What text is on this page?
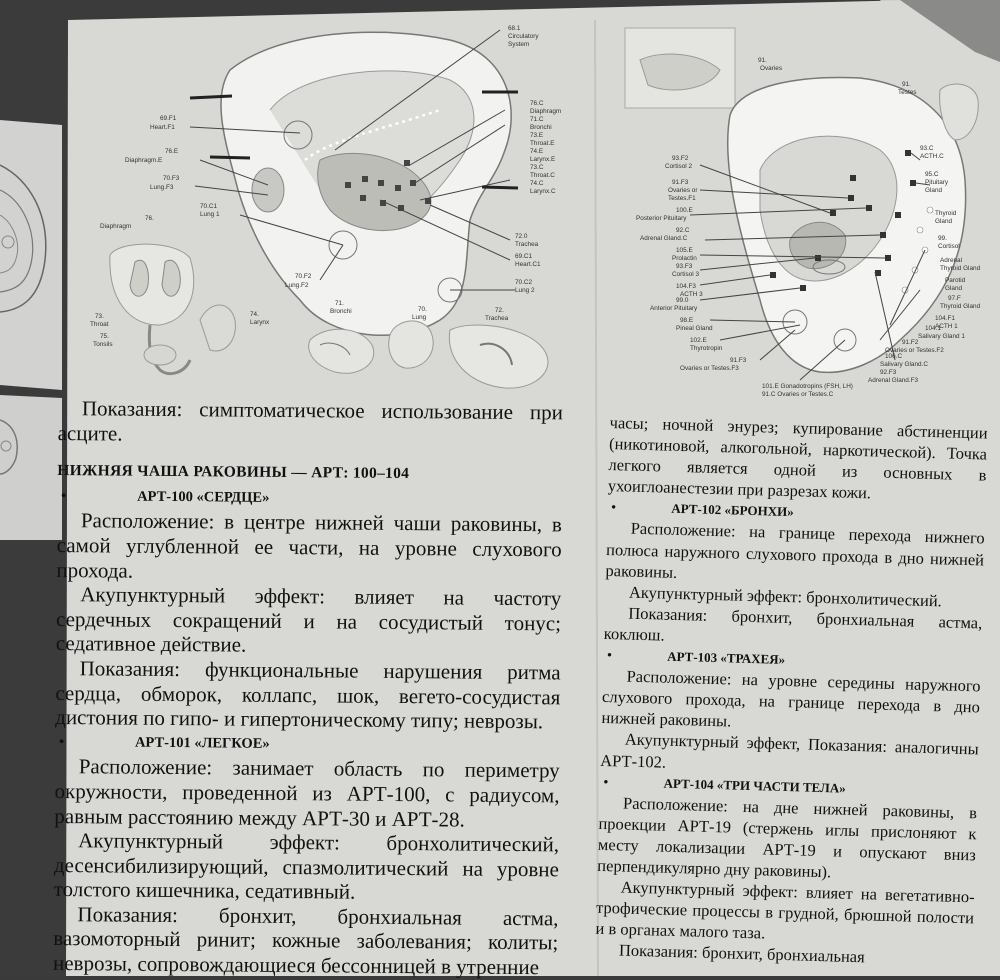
68.1
Circulatory
System
69.F1
Heart.F1
76.E
Diaphragm.E
70.F3
Lung.F3
70.C1
Lung 1
76.
Diaphragm
76.C
Diaphragm
71.C
Bronchi
73.E
Throat.E
74.E
Larynx.E
73.C
Throat.C
74.C
Larynx.C
72.0
Trachea
69.C1
Heart.C1
70.C2
Lung 2
70.F2
Lung.F2
71.
Bronchi	70.
Lung
72.
Trachea
73.
Throat
74.
Larynx
75.
Tonsils
91.
Ovaries
91.
Testes
93.F2
Cortisol 2
91.F3
Ovaries or
Testes.F1
100.E
Posterior Pituitary
92.C
Adrenal Gland.C
105.E
Prolactin
93.F3
Cortisol 3
104.F3
ACTH 3
99.0
Anterior Pituitary
98.E
Pineal Gland
102.E
Thyrotropin
91.F3
Ovaries or Testes.F3
101.E Gonadotropins (FSH, LH)
91.C Ovaries or Testes.C
92.F3
Adrenal Gland.F3
106.C
Salivary Gland.C
91.F2
Ovaries or Testes.F2
104.1
Salivary Gland 1
93.C
ACTH.C
95.C
Pituitary
Gland
Thyroid
Gland
99.
Cortisol
Adrenal
Thyroid Gland
Parotid
Gland
97.F
Thyroid Gland
104.F1
ACTH 1

Показания: симптоматическое использование при асците.

НИЖНЯЯ ЧАША РАКОВИНЫ — АРТ: 100–104

•	АРТ-100 «СЕРДЦЕ»

Расположение: в центре нижней чаши раковины, в самой углубленной ее части, на уровне слухового прохода.

Акупунктурный эффект: влияет на частоту сердечных сокращений и на сосудистый тонус; седативное действие.

Показания: функциональные нарушения ритма сердца, обморок, коллапс, шок, вегето-сосудистая дистония по гипо- и гипертоническому типу; неврозы.

•	АРТ-101 «ЛЕГКОЕ»

Расположение: занимает область по периметру окружности, проведенной из АРТ-100, с радиусом, равным расстоянию между АРТ-30 и АРТ-28.

Акупунктурный эффект: бронхолитический, десенсибилизирующий, спазмолитический на уровне толстого кишечника, седативный.

Показания: бронхит, бронхиальная астма, вазомоторный ринит; кожные заболевания; колиты; неврозы, сопровождающиеся бессонницей в утренние

часы; ночной энурез; купирование абстиненции (никотиновой, алкогольной, наркотической). Точка легкого является одной из основных в ухоиглоанестезии при разрезах кожи.

•	АРТ-102 «БРОНХИ»

Расположение: на границе перехода нижнего полюса наружного слухового прохода в дно нижней раковины.

Акупунктурный эффект: бронхолитический.

Показания: бронхит, бронхиальная астма, коклюш.

•	АРТ-103 «ТРАХЕЯ»

Расположение: на уровне середины наружного слухового прохода, на границе перехода в дно нижней раковины.

Акупунктурный эффект, Показания: аналогичны АРТ-102.

•	АРТ-104 «ТРИ ЧАСТИ ТЕЛА»

Расположение: на дне нижней раковины, в проекции АРТ-19 (стержень иглы прислоняют к месту локализации АРТ-19 и опускают вниз перпендикулярно дну раковины).

Акупунктурный эффект: влияет на вегетативно-трофические процессы в грудной, брюшной полости и в органах малого таза.

Показания: бронхит, бронхиальная
